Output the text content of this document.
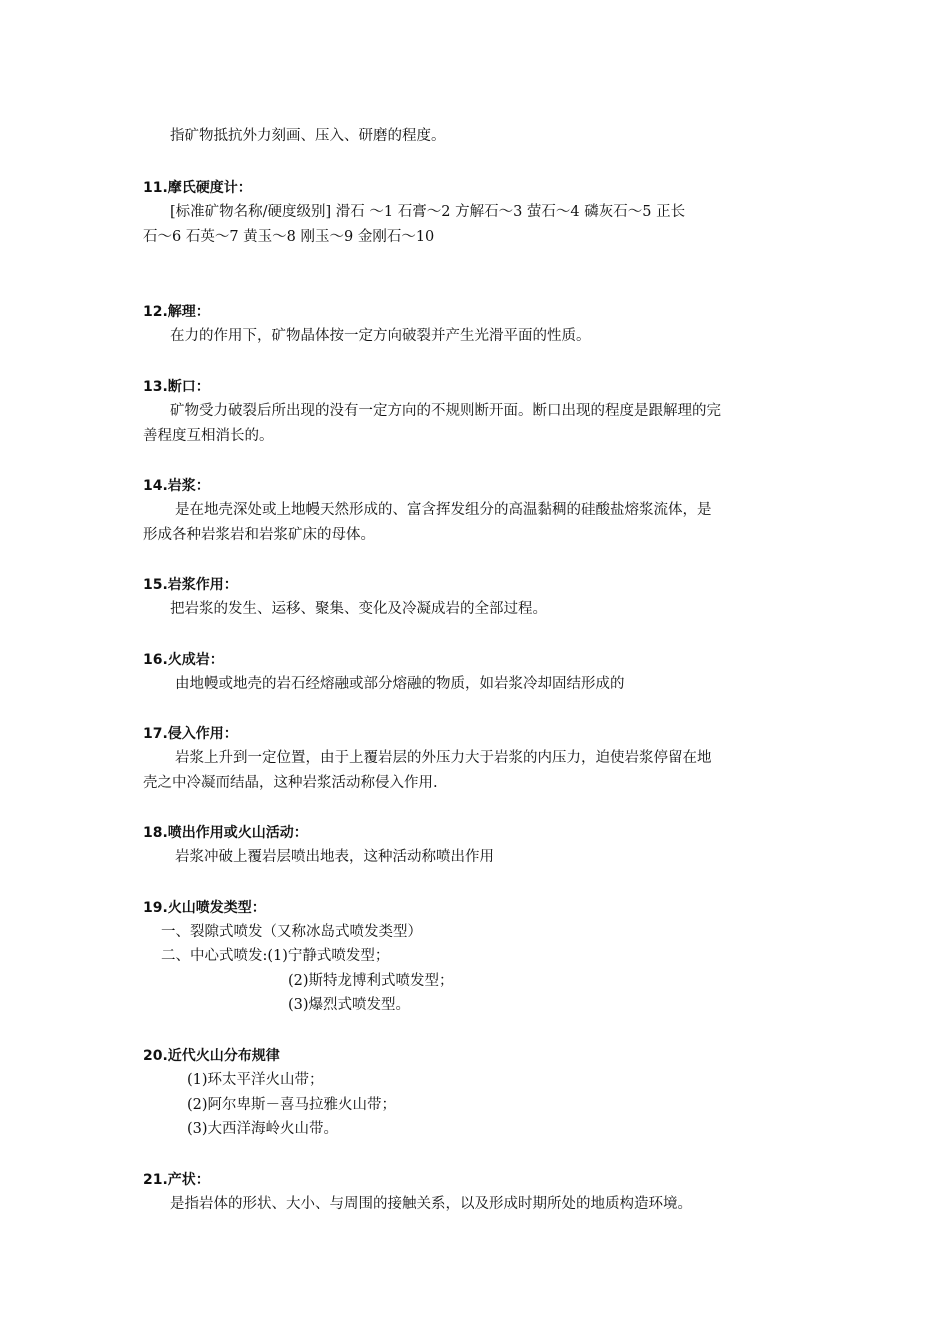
指矿物抵抗外力刻画、压入、研磨的程度。
11.摩氏硬度计：
[标准矿物名称/硬度级别] 滑石 ～1 石膏～2 方解石～3 萤石～4 磷灰石～5 正长
石～6 石英～7 黄玉～8 刚玉～9 金刚石～10
12.解理：
在力的作用下，矿物晶体按一定方向破裂并产生光滑平面的性质。
13.断口：
矿物受力破裂后所出现的没有一定方向的不规则断开面。断口出现的程度是跟解理的完
善程度互相消长的。
14.岩浆：
是在地壳深处或上地幔天然形成的、富含挥发组分的高温黏稠的硅酸盐熔浆流体，是
形成各种岩浆岩和岩浆矿床的母体。
15.岩浆作用：
把岩浆的发生、运移、聚集、变化及冷凝成岩的全部过程。
16.火成岩：
由地幔或地壳的岩石经熔融或部分熔融的物质，如岩浆冷却固结形成的
17.侵入作用：
岩浆上升到一定位置，由于上覆岩层的外压力大于岩浆的内压力，迫使岩浆停留在地
壳之中冷凝而结晶，这种岩浆活动称侵入作用.
18.喷出作用或火山活动：
岩浆冲破上覆岩层喷出地表，这种活动称喷出作用
19.火山喷发类型：
一、裂隙式喷发（又称冰岛式喷发类型）
二、中心式喷发:(1)宁静式喷发型；
(2)斯特龙博利式喷发型；
(3)爆烈式喷发型。
20.近代火山分布规律
(1)环太平洋火山带；
(2)阿尔卑斯－喜马拉雅火山带；
(3)大西洋海岭火山带。
21.产状：
是指岩体的形状、大小、与周围的接触关系，以及形成时期所处的地质构造环境。
